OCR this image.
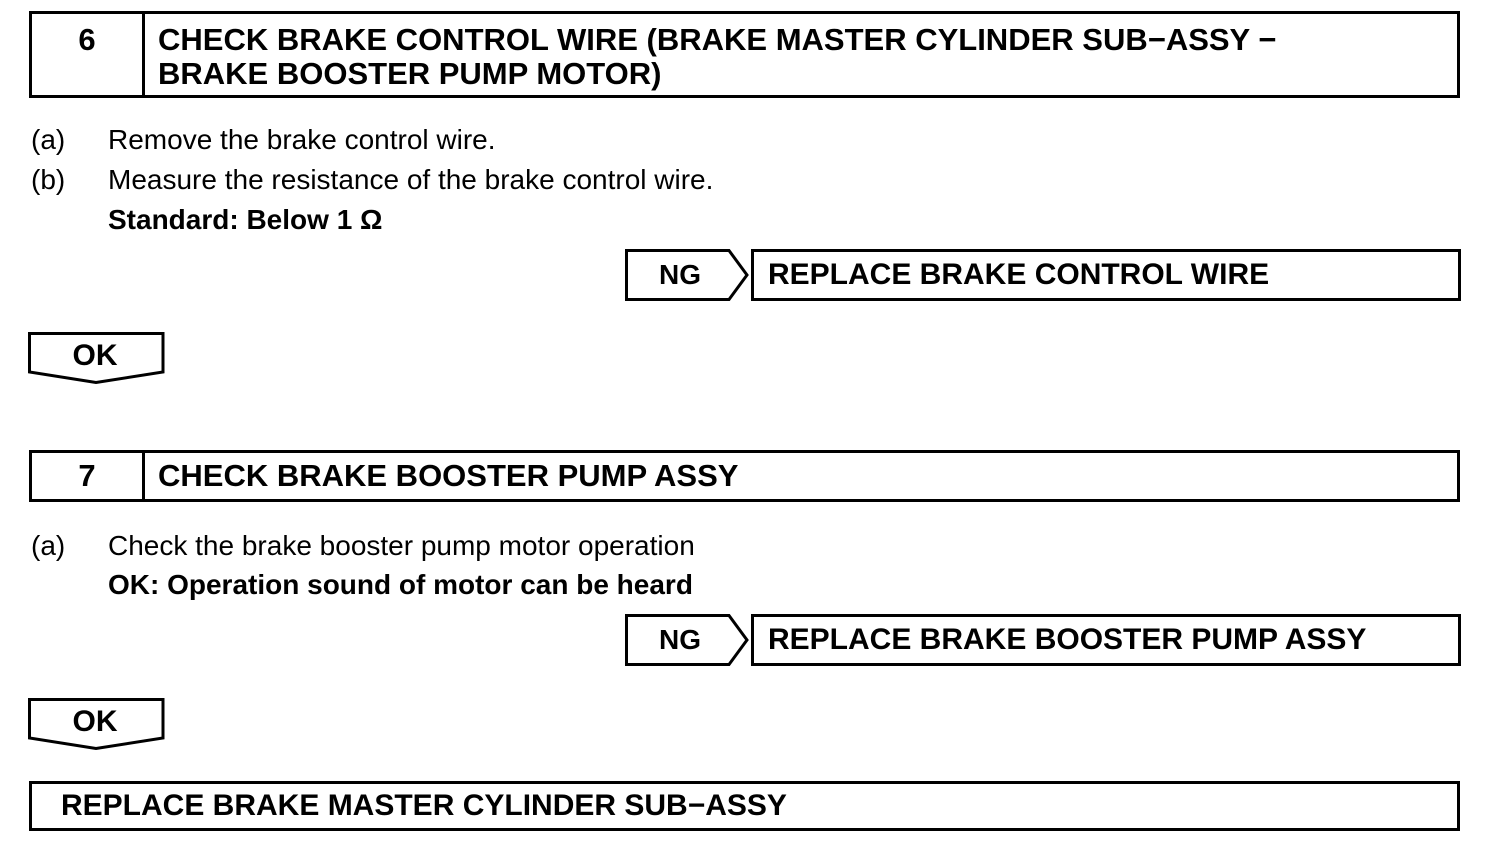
6	CHECK BRAKE CONTROL WIRE (BRAKE MASTER CYLINDER SUB−ASSY −
BRAKE BOOSTER PUMP MOTOR)
(a) Remove the brake control wire.
(b) Measure the resistance of the brake control wire.
Standard: Below 1 Ω
NG	REPLACE BRAKE CONTROL WIRE
OK
7	CHECK BRAKE BOOSTER PUMP ASSY
(a) Check the brake booster pump motor operation
OK: Operation sound of motor can be heard
NG	REPLACE BRAKE BOOSTER PUMP ASSY
OK
REPLACE BRAKE MASTER CYLINDER SUB−ASSY
